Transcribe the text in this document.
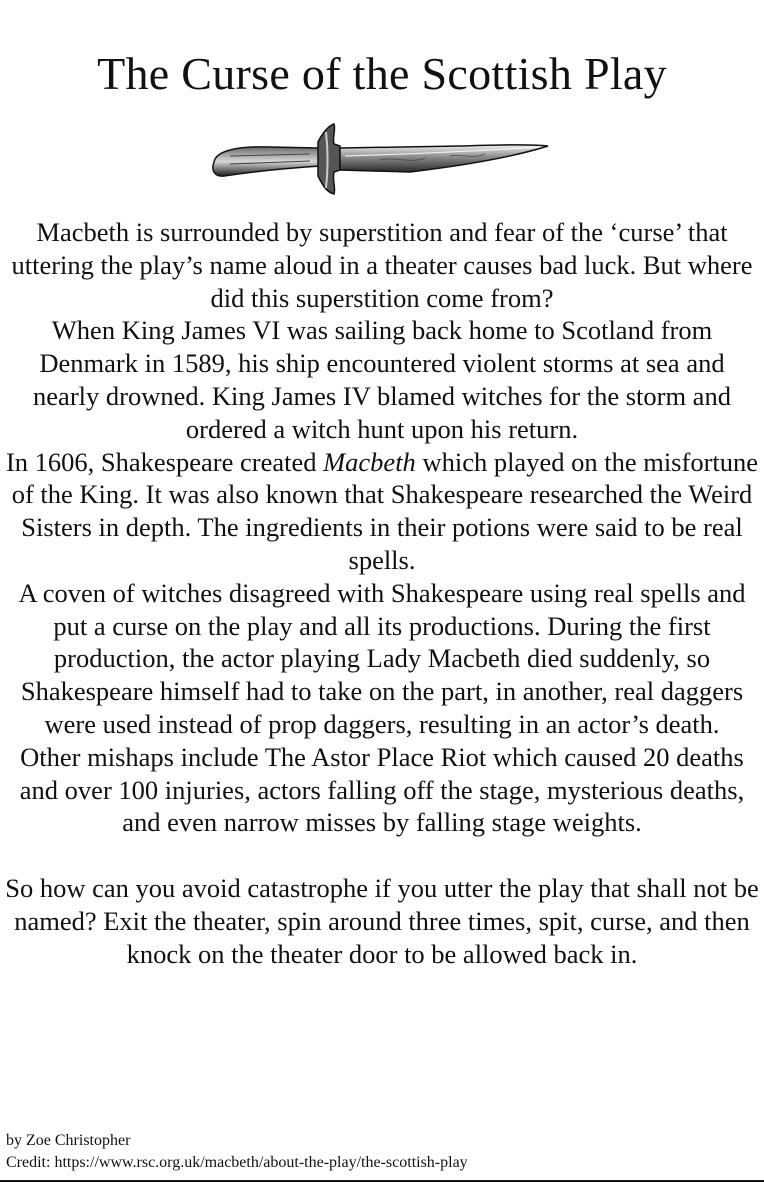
The Curse of the Scottish Play

Macbeth is surrounded by superstition and fear of the ‘curse’ that uttering the play’s name aloud in a theater causes bad luck. But where did this superstition come from?

When King James VI was sailing back home to Scotland from Denmark in 1589, his ship encountered violent storms at sea and nearly drowned. King James IV blamed witches for the storm and ordered a witch hunt upon his return.

In 1606, Shakespeare created Macbeth which played on the misfortune of the King. It was also known that Shakespeare researched the Weird Sisters in depth. The ingredients in their potions were said to be real spells.

A coven of witches disagreed with Shakespeare using real spells and put a curse on the play and all its productions. During the first production, the actor playing Lady Macbeth died suddenly, so Shakespeare himself had to take on the part, in another, real daggers were used instead of prop daggers, resulting in an actor’s death.

Other mishaps include The Astor Place Riot which caused 20 deaths and over 100 injuries, actors falling off the stage, mysterious deaths, and even narrow misses by falling stage weights.

So how can you avoid catastrophe if you utter the play that shall not be named? Exit the theater, spin around three times, spit, curse, and then knock on the theater door to be allowed back in.

by Zoe Christopher
Credit: https://www.rsc.org.uk/macbeth/about-the-play/the-scottish-play
